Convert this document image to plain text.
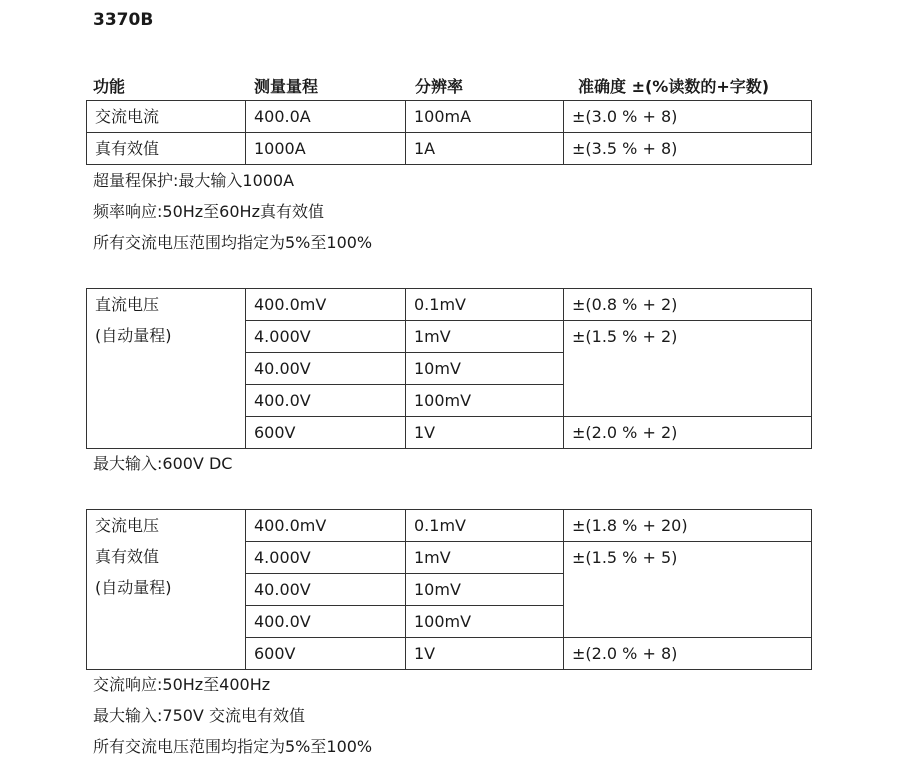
3370B
功能	测量量程	分辨率	准确度 ±(%读数的+字数)
交流电流	400.0A	100mA	±(3.0 % + 8)
真有效值	1000A	1A	±(3.5 % + 8)
超量程保护:最大输入1000A
频率响应:50Hz至60Hz真有效值
所有交流电压范围均指定为5%至100%
直流电压
(自动量程)	400.0mV	0.1mV	±(0.8 % + 2)
	4.000V	1mV	±(1.5 % + 2)
	40.00V	10mV	
	400.0V	100mV	
	600V	1V	±(2.0 % + 2)
最大输入:600V DC
交流电压
真有效值
(自动量程)	400.0mV	0.1mV	±(1.8 % + 20)
	4.000V	1mV	±(1.5 % + 5)
	40.00V	10mV	
	400.0V	100mV	
	600V	1V	±(2.0 % + 8)
交流响应:50Hz至400Hz
最大输入:750V 交流电有效值
所有交流电压范围均指定为5%至100%
